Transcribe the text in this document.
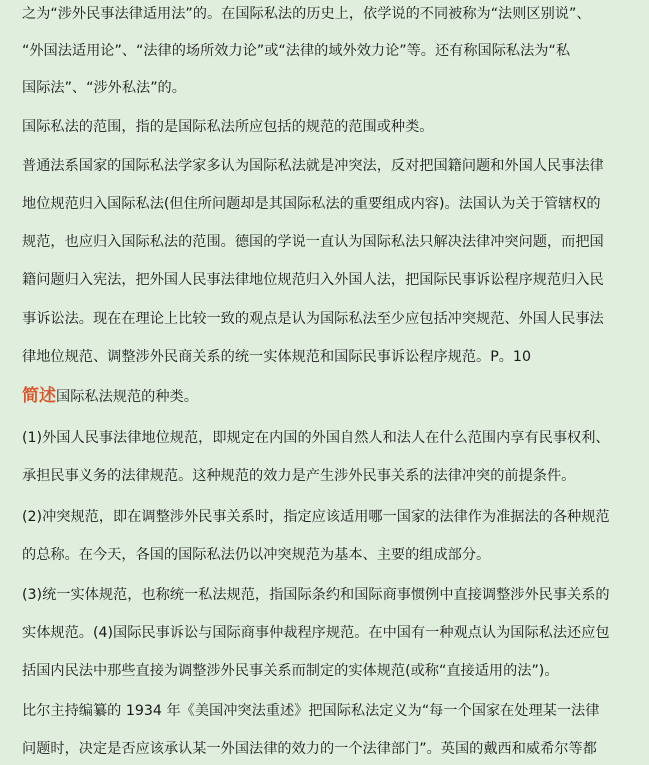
之为“涉外民事法律适用法”的。在国际私法的历史上，依学说的不同被称为“法则区别说”、
“外国法适用论”、“法律的场所效力论”或“法律的域外效力论”等。还有称国际私法为“私
国际法”、“涉外私法”的。
国际私法的范围，指的是国际私法所应包括的规范的范围或种类。
普通法系国家的国际私法学家多认为国际私法就是冲突法，反对把国籍问题和外国人民事法律
地位规范归入国际私法(但住所问题却是其国际私法的重要组成内容)。法国认为关于管辖权的
规范，也应归入国际私法的范围。德国的学说一直认为国际私法只解决法律冲突问题，而把国
籍问题归入宪法，把外国人民事法律地位规范归入外国人法，把国际民事诉讼程序规范归入民
事诉讼法。现在在理论上比较一致的观点是认为国际私法至少应包括冲突规范、外国人民事法
律地位规范、调整涉外民商关系的统一实体规范和国际民事诉讼程序规范。P。10
简述国际私法规范的种类。
(1)外国人民事法律地位规范，即规定在内国的外国自然人和法人在什么范围内享有民事权利、
承担民事义务的法律规范。这种规范的效力是产生涉外民事关系的法律冲突的前提条件。
(2)冲突规范，即在调整涉外民事关系时，指定应该适用哪一国家的法律作为准据法的各种规范
的总称。在今天，各国的国际私法仍以冲突规范为基本、主要的组成部分。
(3)统一实体规范，也称统一私法规范，指国际条约和国际商事惯例中直接调整涉外民事关系的
实体规范。(4)国际民事诉讼与国际商事仲裁程序规范。在中国有一种观点认为国际私法还应包
括国内民法中那些直接为调整涉外民事关系而制定的实体规范(或称“直接适用的法”)。
比尔主持编纂的 1934 年《美国冲突法重述》把国际私法定义为“每一个国家在处理某一法律
问题时，决定是否应该承认某一外国法律的效力的一个法律部门”。英国的戴西和威希尔等都
